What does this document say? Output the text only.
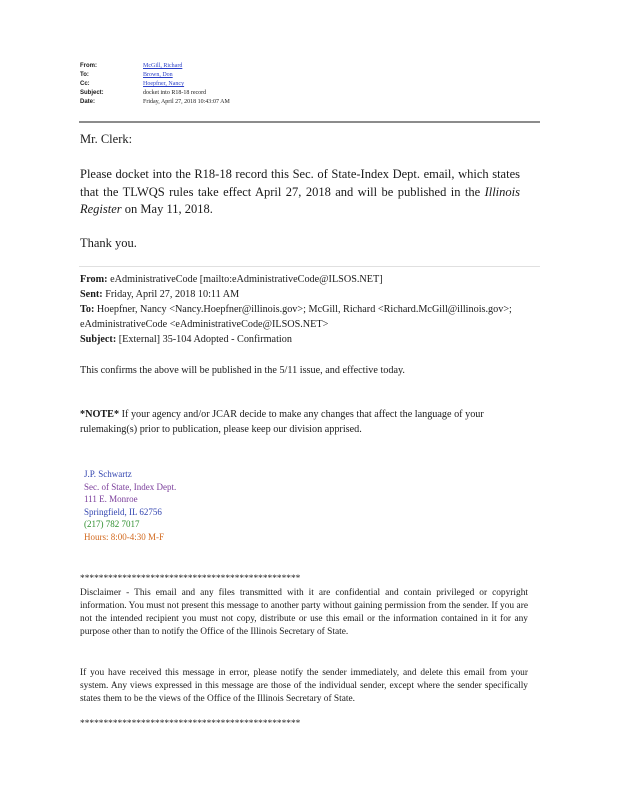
From:	McGill, Richard
To:	Brown, Don
Cc:	Hoepfner, Nancy
Subject:	docket into R18-18 record
Date:	Friday, April 27, 2018 10:43:07 AM
Mr. Clerk:
Please docket into the R18-18 record this Sec. of State-Index Dept. email, which states that the TLWQS rules take effect April 27, 2018 and will be published in the Illinois Register on May 11, 2018.
Thank you.
From: eAdministrativeCode [mailto:eAdministrativeCode@ILSOS.NET]
Sent: Friday, April 27, 2018 10:11 AM
To: Hoepfner, Nancy <Nancy.Hoepfner@illinois.gov>; McGill, Richard <Richard.McGill@illinois.gov>;
eAdministrativeCode <eAdministrativeCode@ILSOS.NET>
Subject: [External] 35-104 Adopted - Confirmation
This confirms the above will be published in the 5/11 issue, and effective today.
*NOTE* If your agency and/or JCAR decide to make any changes that affect the language of your rulemaking(s) prior to publication, please keep our division apprised.
J.P. Schwartz
Sec. of State, Index Dept.
111 E. Monroe
Springfield, IL 62756
(217) 782 7017
Hours: 8:00-4:30 M-F
***********************************************
Disclaimer - This email and any files transmitted with it are confidential and contain privileged or copyright information. You must not present this message to another party without gaining permission from the sender. If you are not the intended recipient you must not copy, distribute or use this email or the information contained in it for any purpose other than to notify the Office of the Illinois Secretary of State.
If you have received this message in error, please notify the sender immediately, and delete this email from your system. Any views expressed in this message are those of the individual sender, except where the sender specifically states them to be the views of the Office of the Illinois Secretary of State.
***********************************************
